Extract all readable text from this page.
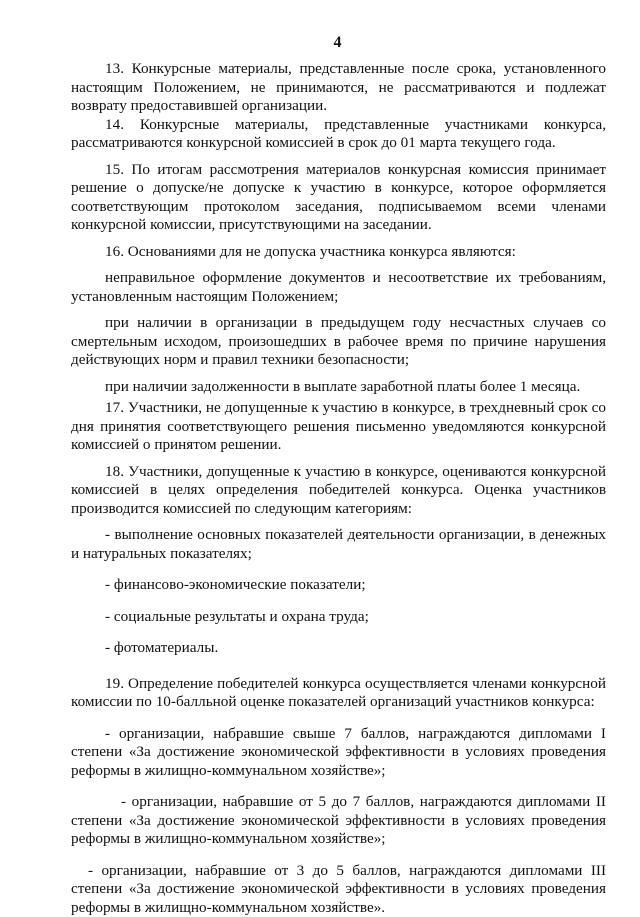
4

13. Конкурсные материалы, представленные после срока, установленного настоящим Положением, не принимаются, не рассматриваются и подлежат возврату предоставившей организации.

14. Конкурсные материалы, представленные участниками конкурса, рассматриваются конкурсной комиссией в срок до 01 марта текущего года.

15. По итогам рассмотрения материалов конкурсная комиссия принимает решение о допуске/не допуске к участию в конкурсе, которое оформляется соответствующим протоколом заседания, подписываемом всеми членами конкурсной комиссии, присутствующими на заседании.

16. Основаниями для не допуска участника конкурса являются:

неправильное оформление документов и несоответствие их требованиям, установленным настоящим Положением;

при наличии в организации в предыдущем году несчастных случаев со смертельным исходом, произошедших в рабочее время по причине нарушения действующих норм и правил техники безопасности;

при наличии задолженности в выплате заработной платы более 1 месяца.

17. Участники, не допущенные к участию в конкурсе, в трехдневный срок со дня принятия соответствующего решения письменно уведомляются конкурсной комиссией о принятом решении.

18. Участники, допущенные к участию в конкурсе, оцениваются конкурсной комиссией в целях определения победителей конкурса. Оценка участников производится комиссией по следующим категориям:

- выполнение основных показателей деятельности организации, в денежных и натуральных показателях;

- финансово-экономические показатели;

- социальные результаты и охрана труда;

- фотоматериалы.

19. Определение победителей конкурса осуществляется членами конкурсной комиссии по 10-балльной оценке показателей организаций участников конкурса:

- организации, набравшие свыше 7 баллов, награждаются дипломами I степени «За достижение экономической эффективности в условиях проведения реформы в жилищно-коммунальном хозяйстве»;

- организации, набравшие от 5 до 7 баллов, награждаются дипломами II степени «За достижение экономической эффективности в условиях проведения реформы в жилищно-коммунальном хозяйстве»;

- организации, набравшие от 3 до 5 баллов, награждаются дипломами III степени «За достижение экономической эффективности в условиях проведения реформы в жилищно-коммунальном хозяйстве».
